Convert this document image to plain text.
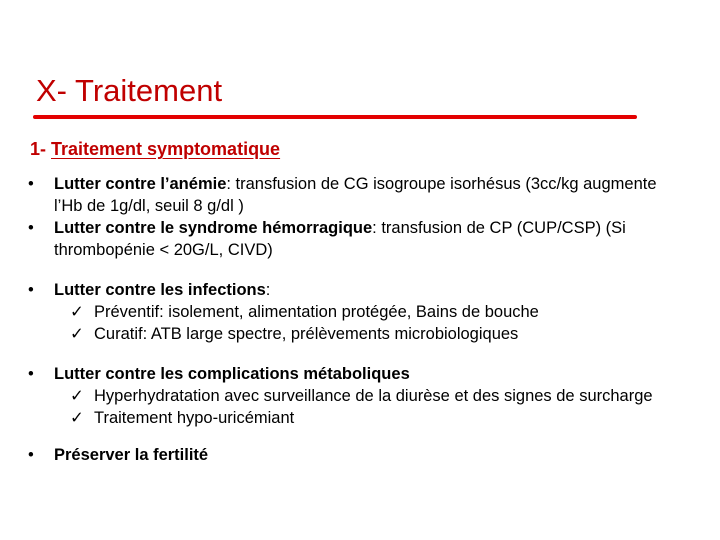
X- Traitement
1- Traitement symptomatique

•	Lutter contre l’anémie: transfusion de CG isogroupe isorhésus (3cc/kg augmente l’Hb de 1g/dl, seuil 8 g/dl )

•	Lutter contre le syndrome hémorragique: transfusion de CP (CUP/CSP) (Si thrombopénie < 20G/L, CIVD)

•	Lutter contre les infections:

✓ Préventif: isolement, alimentation protégée, Bains de bouche

✓ Curatif: ATB large spectre, prélèvements microbiologiques

•	Lutter contre les complications métaboliques

✓ Hyperhydratation avec surveillance de la diurèse et des signes de surcharge

✓ Traitement hypo-uricémiant

•	Préserver la fertilité
